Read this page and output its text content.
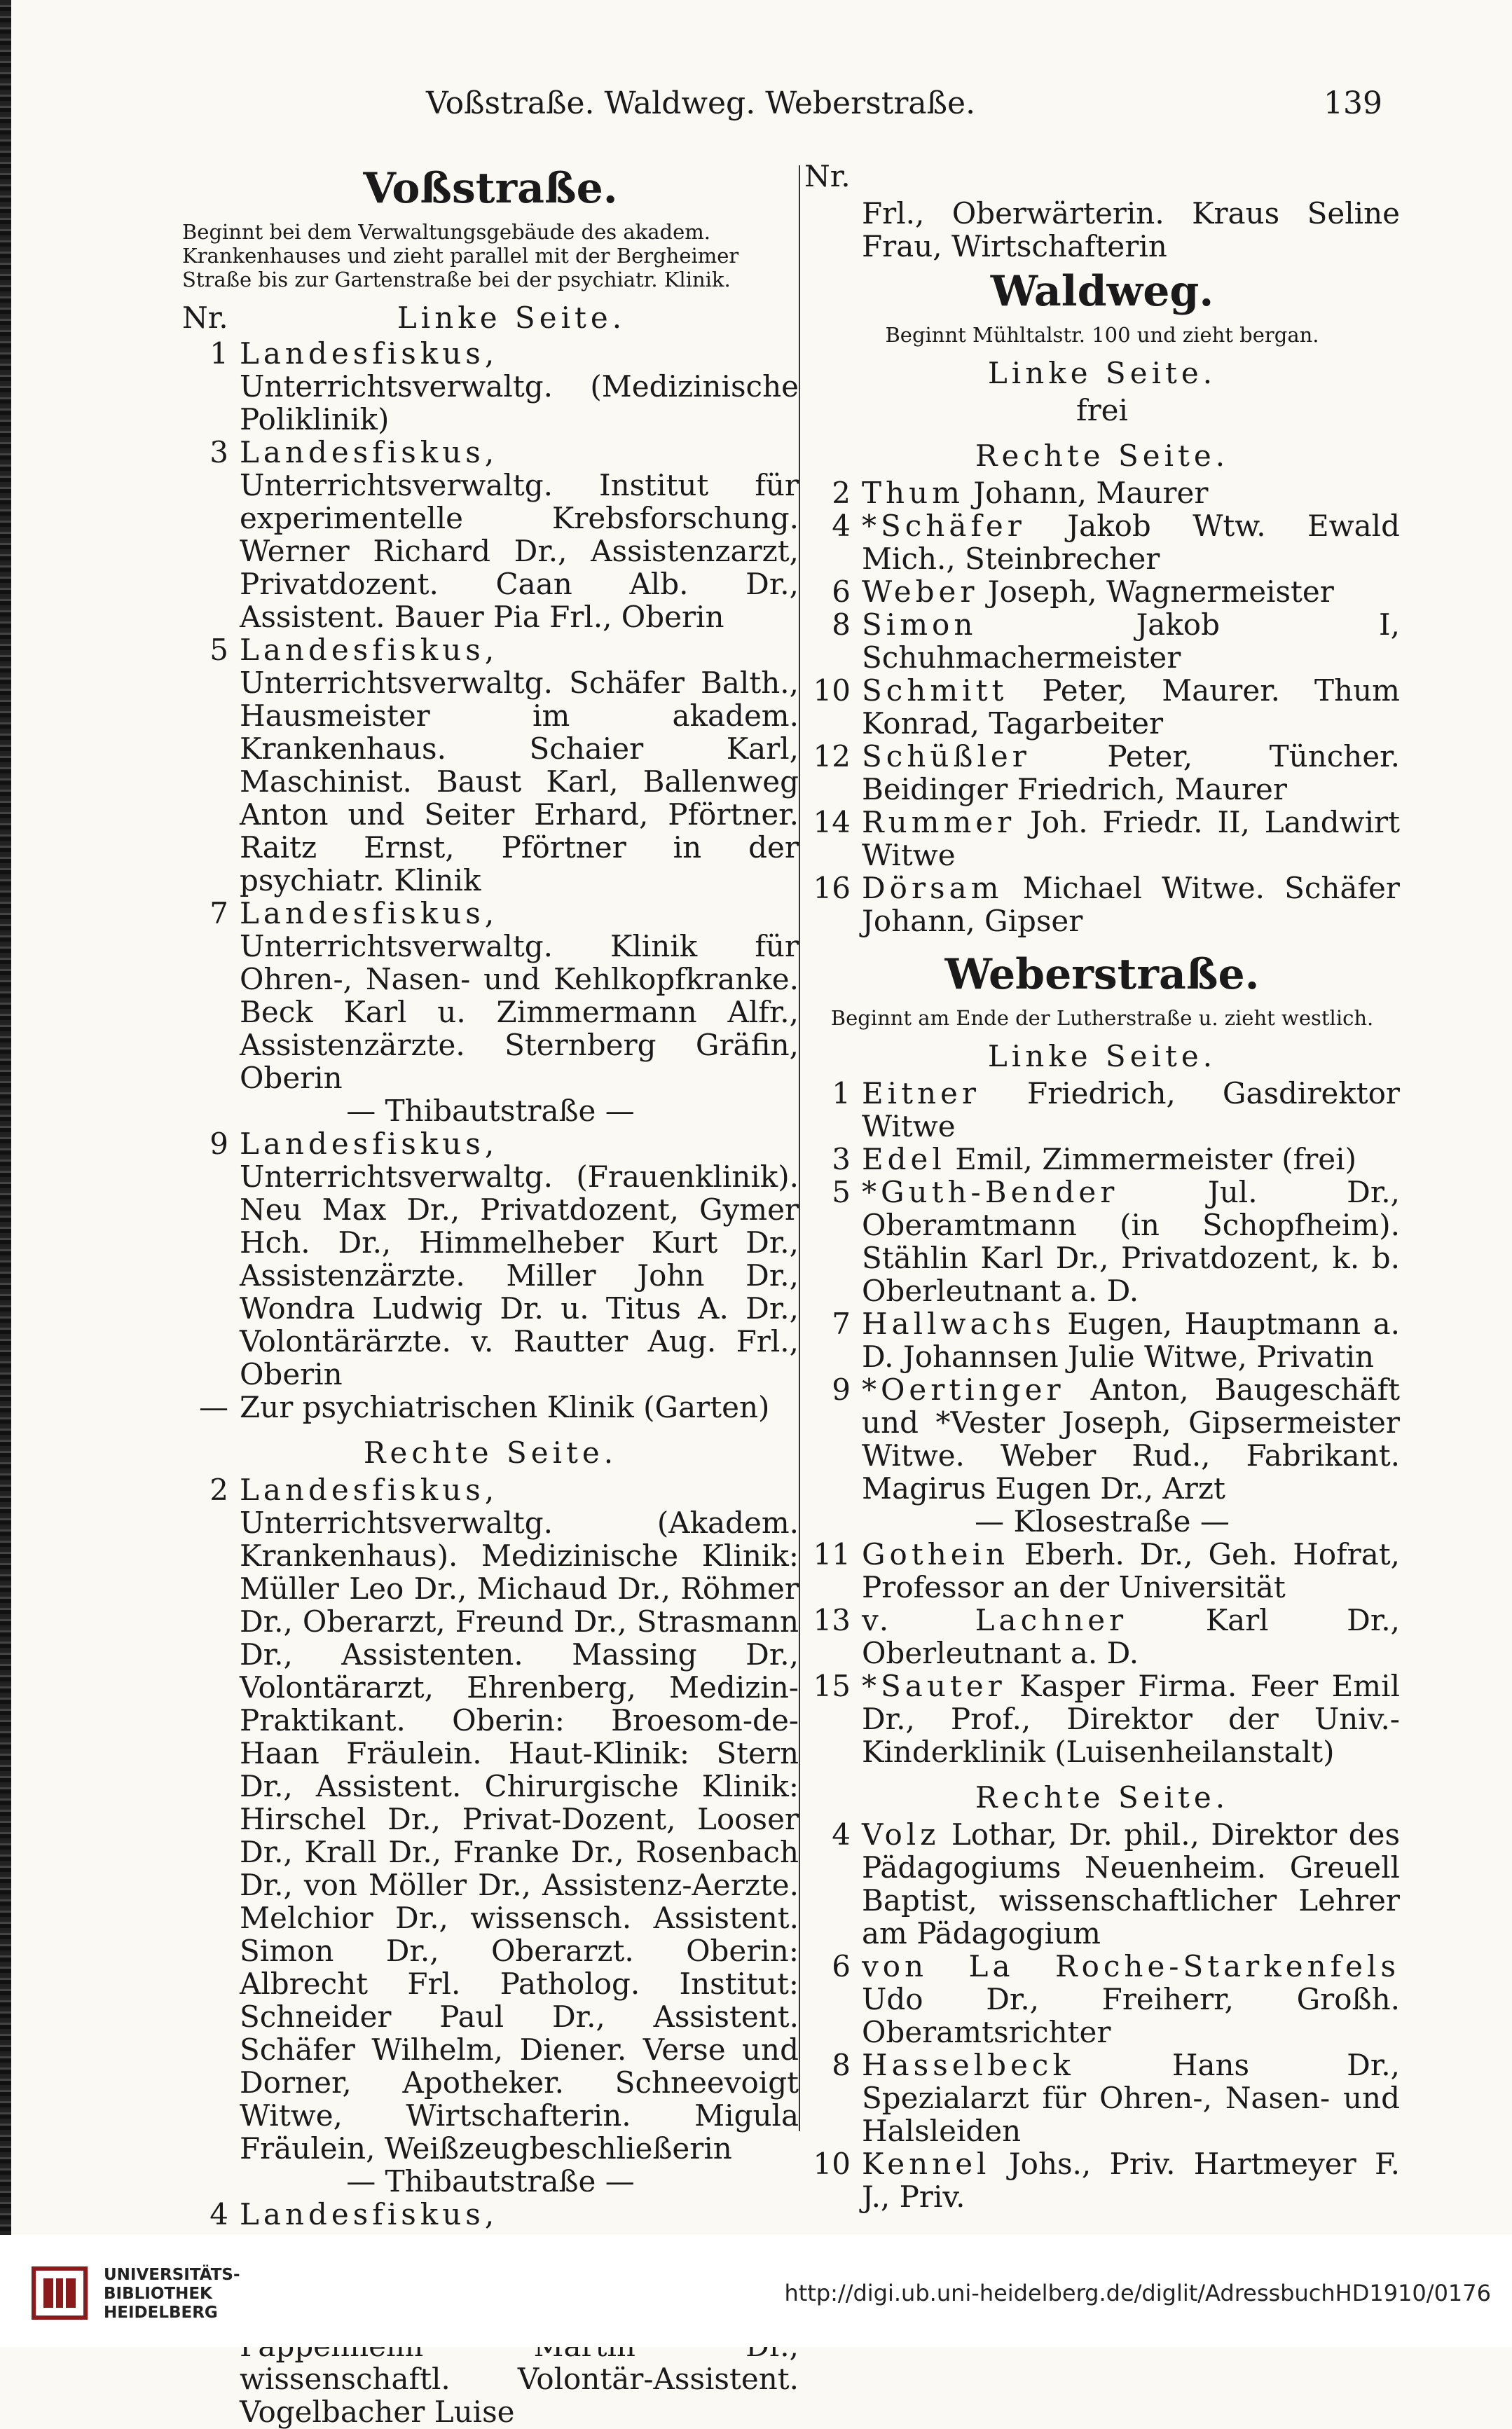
Voßstraße. Waldweg. Weberstraße.	139
Voßstraße.
Beginnt bei dem Verwaltungsgebäude des akadem. Krankenhauses und zieht parallel mit der Bergheimer Straße bis zur Gartenstraße bei der psychiatr. Klinik.
Nr.	Linke Seite.
1 Landesfiskus, Unterrichtsverwaltg. (Medizinische Poliklinik)
3 Landesfiskus, Unterrichtsverwaltg. Institut für experimentelle Krebsforschung. Werner Richard Dr., Assistenzarzt, Privatdozent. Caan Alb. Dr., Assistent. Bauer Pia Frl., Oberin
5 Landesfiskus, Unterrichtsverwaltg. Schäfer Balth., Hausmeister im akadem. Krankenhaus. Schaier Karl, Maschinist. Baust Karl, Ballenweg Anton und Seiter Erhard, Pförtner. Raitz Ernst, Pförtner in der psychiatr. Klinik
7 Landesfiskus, Unterrichtsverwaltg. Klinik für Ohren-, Nasen- und Kehlkopfkranke. Beck Karl u. Zimmermann Alfr., Assistenzärzte. Sternberg Gräfin, Oberin
— Thibautstraße —
9 Landesfiskus, Unterrichtsverwaltg. (Frauenklinik). Neu Max Dr., Privatdozent, Gymer Hch. Dr., Himmelheber Kurt Dr., Assistenzärzte. Miller John Dr., Wondra Ludwig Dr. u. Titus A. Dr., Volontärärzte. v. Rautter Aug. Frl., Oberin
— Zur psychiatrischen Klinik (Garten)
Rechte Seite.
2 Landesfiskus, Unterrichtsverwaltg. (Akadem. Krankenhaus). Medizinische Klinik: Müller Leo Dr., Michaud Dr., Röhmer Dr., Oberarzt, Freund Dr., Strasmann Dr., Assistenten. Massing Dr., Volontärarzt, Ehrenberg, Medizin-Praktikant. Oberin: Broesom-de-Haan Fräulein. Haut-Klinik: Stern Dr., Assistent. Chirurgische Klinik: Hirschel Dr., Privat-Dozent, Looser Dr., Krall Dr., Franke Dr., Rosenbach Dr., von Möller Dr., Assistenz-Aerzte. Melchior Dr., wissensch. Assistent. Simon Dr., Oberarzt. Oberin: Albrecht Frl. Patholog. Institut: Schneider Paul Dr., Assistent. Schäfer Wilhelm, Diener. Verse und Dorner, Apotheker. Schneevoigt Witwe, Wirtschafterin. Migula Fräulein, Weißzeugbeschließerin
— Thibautstraße —
4 Landesfiskus, wissenschaftl. Volontär-Assistent. Vogelbacher Luise
Nr.
Frl., Oberwärterin. Kraus Seline Frau, Wirtschafterin
Waldweg.
Beginnt Mühltalstr. 100 und zieht bergan.
Linke Seite.
frei
Rechte Seite.
2 Thum Johann, Maurer
4 *Schäfer Jakob Wtw. Ewald Mich., Steinbrecher
6 Weber Joseph, Wagnermeister
8 Simon Jakob I, Schuhmachermeister
10 Schmitt Peter, Maurer. Thum Konrad, Tagarbeiter
12 Schüßler Peter, Tüncher. Beidinger Friedrich, Maurer
14 Rummer Joh. Friedr. II, Landwirt Witwe
16 Dörsam Michael Witwe. Schäfer Johann, Gipser
Weberstraße.
Beginnt am Ende der Lutherstraße u. zieht westlich.
Linke Seite.
1 Eitner Friedrich, Gasdirektor Witwe
3 Edel Emil, Zimmermeister (frei)
5 *Guth-Bender Jul. Dr., Oberamtmann (in Schopfheim). Stählin Karl Dr., Privatdozent, k. b. Oberleutnant a. D.
7 Hallwachs Eugen, Hauptmann a. D. Johannsen Julie Witwe, Privatin
9 *Oertinger Anton, Baugeschäft und *Vester Joseph, Gipsermeister Witwe. Weber Rud., Fabrikant. Magirus Eugen Dr., Arzt
— Klosestraße —
11 Gothein Eberh. Dr., Geh. Hofrat, Professor an der Universität
13 v. Lachner Karl Dr., Oberleutnant a. D.
15 *Sauter Kasper Firma. Feer Emil Dr., Prof., Direktor der Univ.-Kinderklinik (Luisenheilanstalt)
Rechte Seite.
4 Volz Lothar, Dr. phil., Direktor des Pädagogiums Neuenheim. Greuell Baptist, wissenschaftlicher Lehrer am Pädagogium
6 von La Roche-Starkenfels Udo Dr., Freiherr, Großh. Oberamtsrichter
8 Hasselbeck Hans Dr., Spezialarzt für Ohren-, Nasen- und Halsleiden
10 Kennel Johs., Priv. Hartmeyer F. J., Priv.
UNIVERSITÄTS-
BIBLIOTHEK
HEIDELBERG
http://digi.ub.uni-heidelberg.de/diglit/AdressbuchHD1910/0176
